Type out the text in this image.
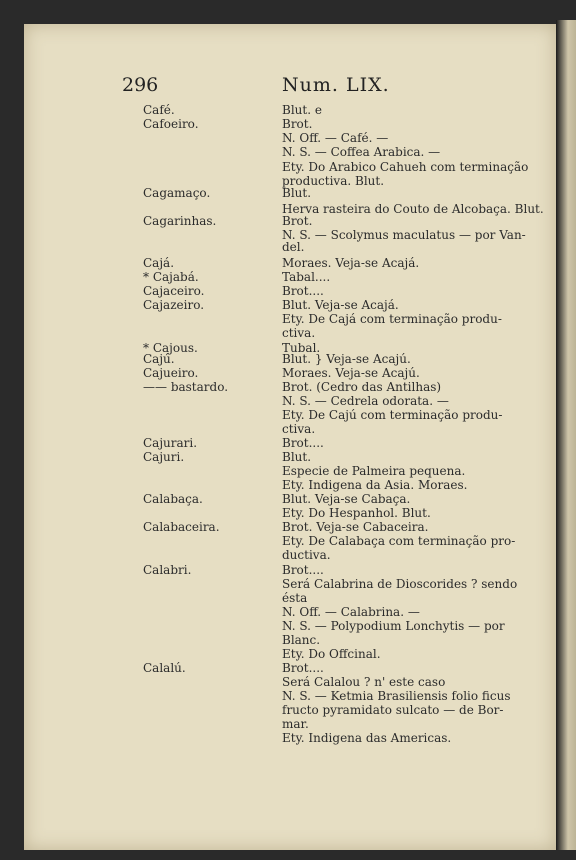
296	Num. LIX.
Café.	Blut. e
Cafoeiro.	Brot.
N. Off. — Café. —
N. S. — Coffea Arabica. —
Ety. Do Arabico Cahueh com terminação
productiva. Blut.
Cagamaço.	Blut.
Herva rasteira do Couto de Alcobaça. Blut.
Cagarinhas.	Brot.
N. S. — Scolymus maculatus — por Van-
del.
Cajá.	Moraes. Veja-se Acajá.
* Cajabá.	Tabal....
Cajaceiro.	Brot....
Cajazeiro.	Blut. Veja-se Acajá.
Ety. De Cajá com terminação produ-
ctiva.
* Cajous.	Tubal.
Cajú.	Blut. } Veja-se Acajú.
Cajueiro.	Moraes. Veja-se Acajú.
—— bastardo.	Brot. (Cedro das Antilhas)
N. S. — Cedrela odorata. —
Ety. De Cajú com terminação produ-
ctiva.
Cajurari.	Brot....
Cajuri.	Blut.
Especie de Palmeira pequena.
Ety. Indigena da Asia. Moraes.
Calabaça.	Blut. Veja-se Cabaça.
Ety. Do Hespanhol. Blut.
Calabaceira.	Brot. Veja-se Cabaceira.
Ety. De Calabaça com terminação pro-
ductiva.
Calabri.	Brot....
Será Calabrina de Dioscorides ? sendo
ésta
N. Off. — Calabrina. —
N. S. — Polypodium Lonchytis — por
Blanc.
Ety. Do Offcinal.
Calalú.	Brot....
Será Calalou ? n' este caso
N. S. — Ketmia Brasiliensis folio ficus
fructo pyramidato sulcato — de Bor-
mar.
Ety. Indigena das Americas.
